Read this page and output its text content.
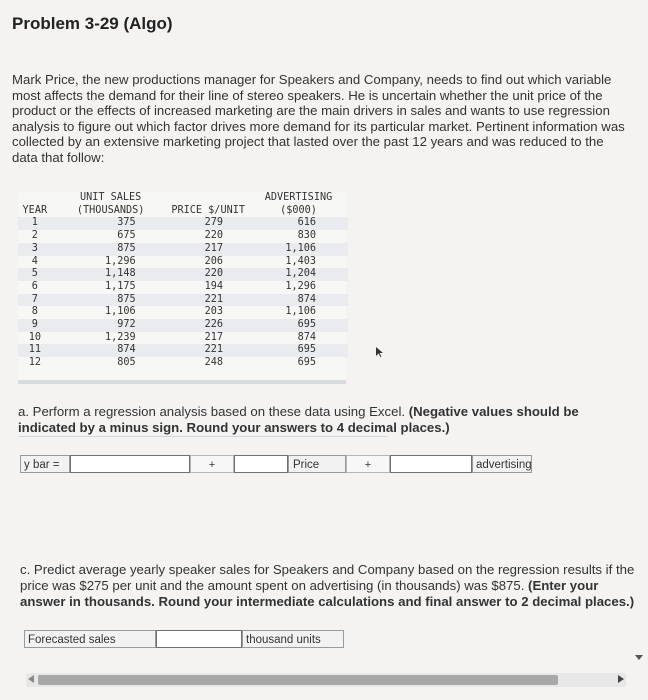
Problem 3-29 (Algo)
Mark Price, the new productions manager for Speakers and Company, needs to find out which variable most affects the demand for their line of stereo speakers. He is uncertain whether the unit price of the product or the effects of increased marketing are the main drivers in sales and wants to use regression analysis to figure out which factor drives more demand for its particular market. Pertinent information was collected by an extensive marketing project that lasted over the past 12 years and was reduced to the data that follow:
	UNIT SALES		ADVERTISING
YEAR	(THOUSANDS)	PRICE $/UNIT	($000)
1	375	279	616
2	675	220	830
3	875	217	1,106
4	1,296	206	1,403
5	1,148	220	1,204
6	1,175	194	1,296
7	875	221	874
8	1,106	203	1,106
9	972	226	695
10	1,239	217	874
11	874	221	695
12	805	248	695
a. Perform a regression analysis based on these data using Excel. (Negative values should be indicated by a minus sign. Round your answers to 4 decimal places.)
y bar =	+	Price	+	advertising
c. Predict average yearly speaker sales for Speakers and Company based on the regression results if the price was $275 per unit and the amount spent on advertising (in thousands) was $875. (Enter your answer in thousands. Round your intermediate calculations and final answer to 2 decimal places.)
Forecasted sales	thousand units
